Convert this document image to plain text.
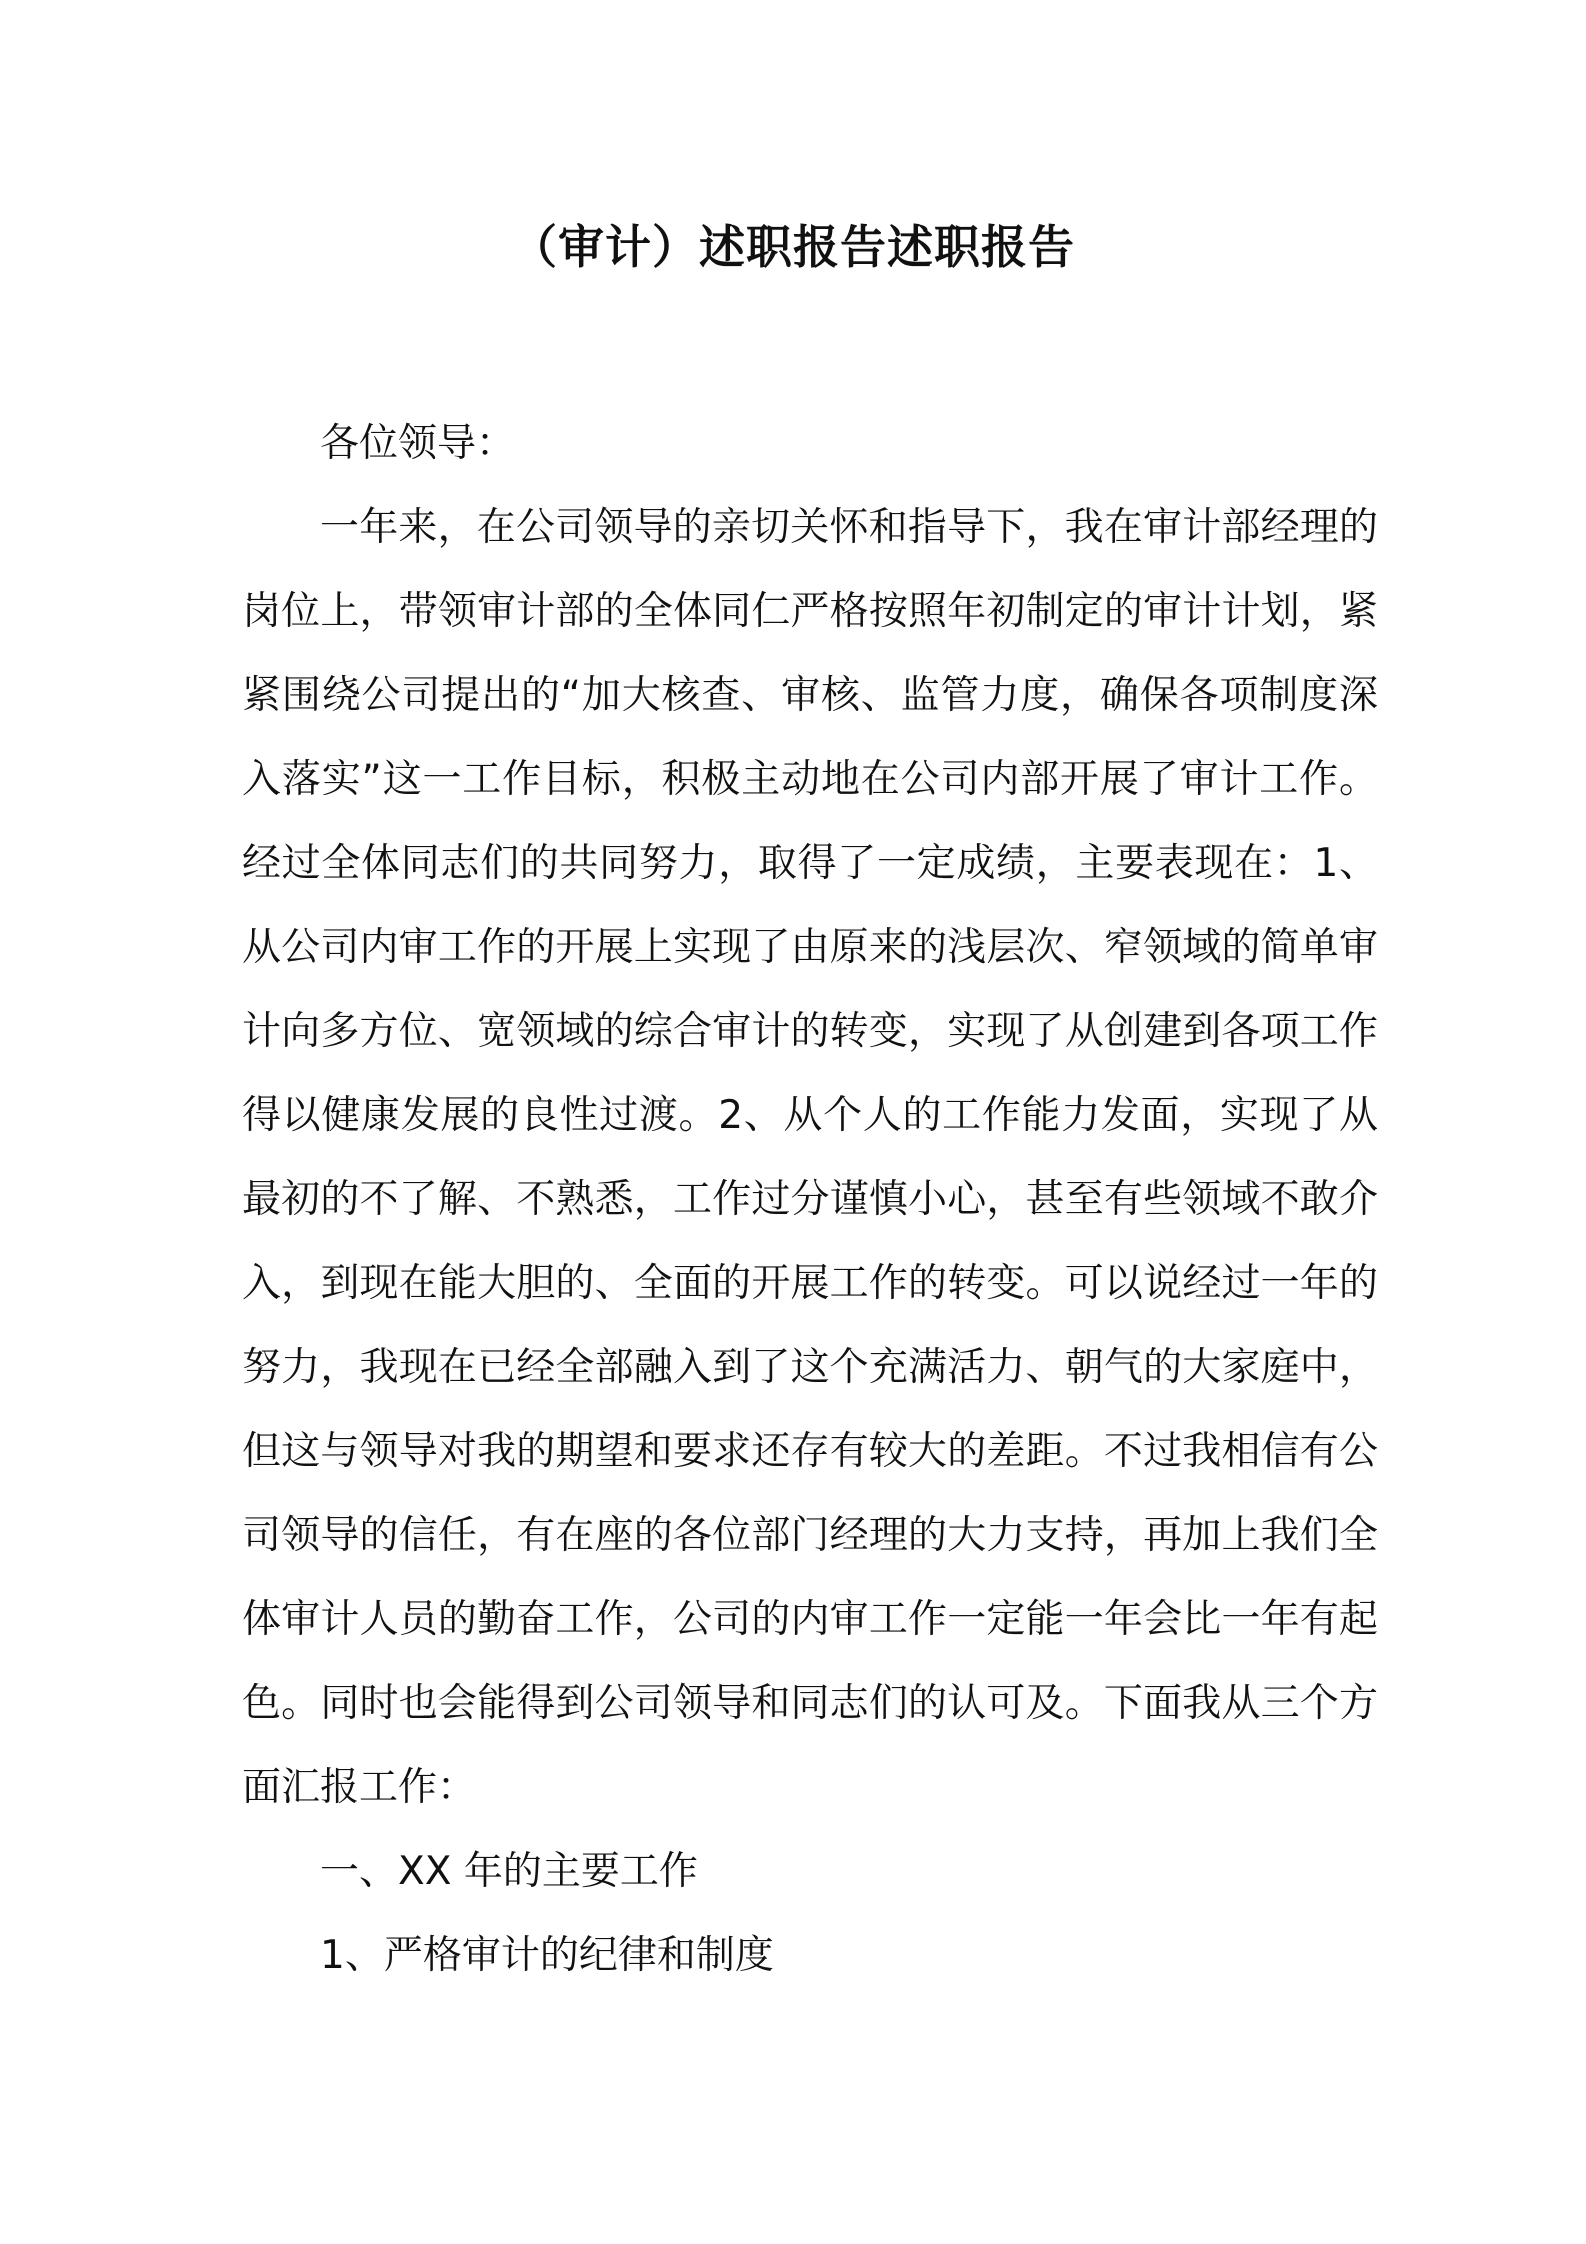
（审计）述职报告述职报告

各位领导：

一年来，在公司领导的亲切关怀和指导下，我在审计部经理的岗位上，带领审计部的全体同仁严格按照年初制定的审计计划，紧紧围绕公司提出的“加大核查、审核、监管力度，确保各项制度深入落实”这一工作目标，积极主动地在公司内部开展了审计工作。经过全体同志们的共同努力，取得了一定成绩，主要表现在：1、从公司内审工作的开展上实现了由原来的浅层次、窄领域的简单审计向多方位、宽领域的综合审计的转变，实现了从创建到各项工作得以健康发展的良性过渡。2、从个人的工作能力发面，实现了从最初的不了解、不熟悉，工作过分谨慎小心，甚至有些领域不敢介入，到现在能大胆的、全面的开展工作的转变。可以说经过一年的努力，我现在已经全部融入到了这个充满活力、朝气的大家庭中，但这与领导对我的期望和要求还存有较大的差距。不过我相信有公司领导的信任，有在座的各位部门经理的大力支持，再加上我们全体审计人员的勤奋工作，公司的内审工作一定能一年会比一年有起色。同时也会能得到公司领导和同志们的认可及。下面我从三个方面汇报工作：

一、XX 年的主要工作

1、严格审计的纪律和制度
